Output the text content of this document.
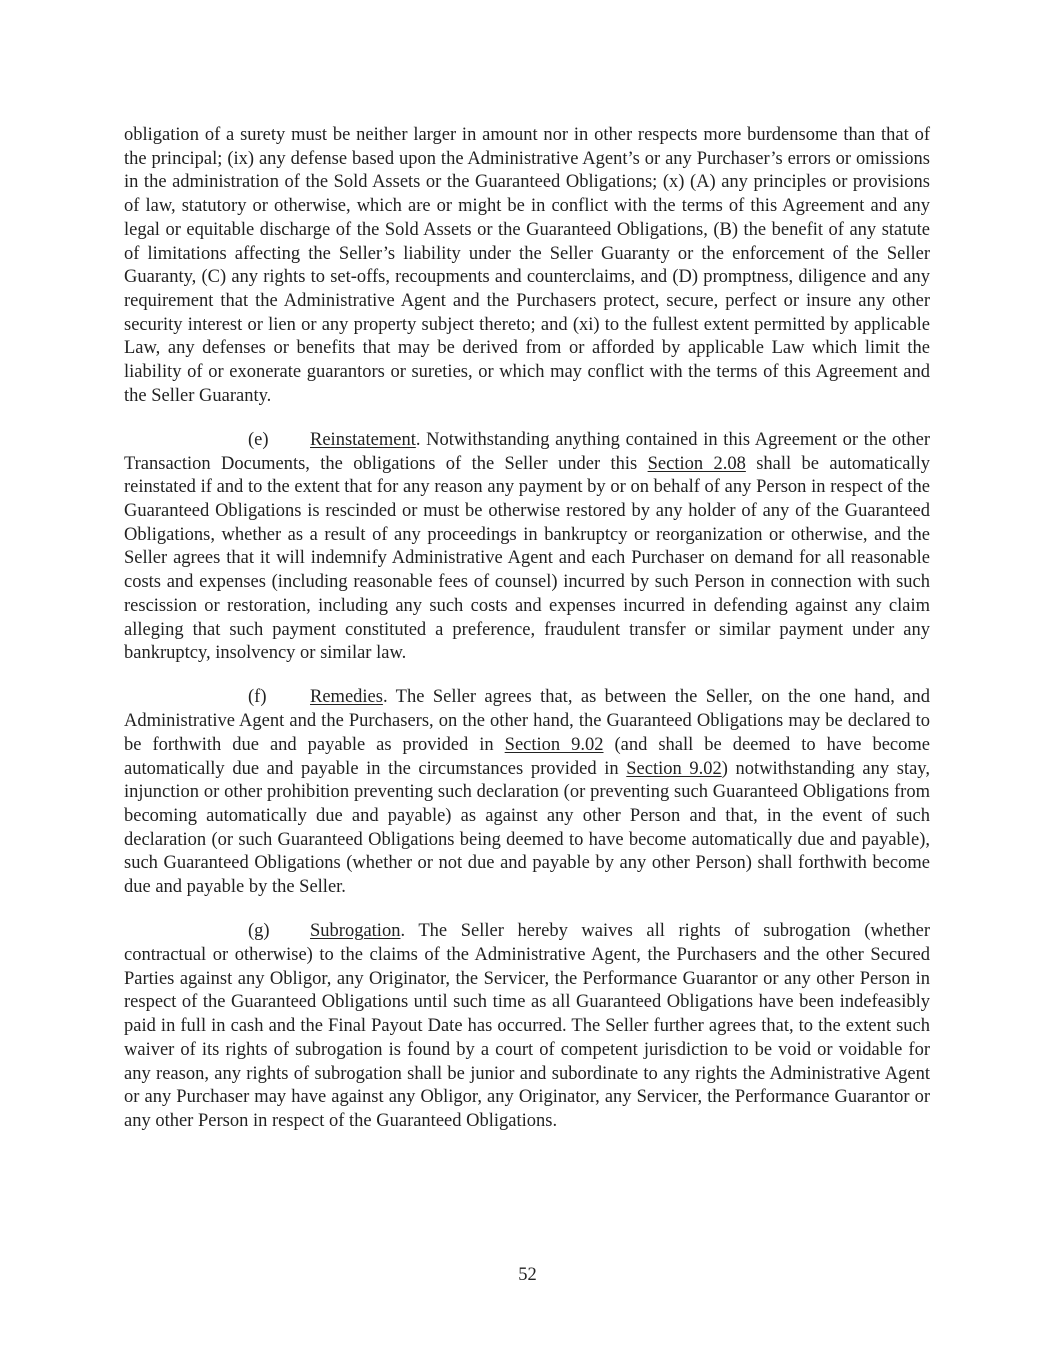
obligation of a surety must be neither larger in amount nor in other respects more burdensome than that of the principal; (ix) any defense based upon the Administrative Agent’s or any Purchaser’s errors or omissions in the administration of the Sold Assets or the Guaranteed Obligations; (x) (A) any principles or provisions of law, statutory or otherwise, which are or might be in conflict with the terms of this Agreement and any legal or equitable discharge of the Sold Assets or the Guaranteed Obligations, (B) the benefit of any statute of limitations affecting the Seller’s liability under the Seller Guaranty or the enforcement of the Seller Guaranty, (C) any rights to set-offs, recoupments and counterclaims, and (D) promptness, diligence and any requirement that the Administrative Agent and the Purchasers protect, secure, perfect or insure any other security interest or lien or any property subject thereto; and (xi) to the fullest extent permitted by applicable Law, any defenses or benefits that may be derived from or afforded by applicable Law which limit the liability of or exonerate guarantors or sureties, or which may conflict with the terms of this Agreement and the Seller Guaranty.

(e) Reinstatement. Notwithstanding anything contained in this Agreement or the other Transaction Documents, the obligations of the Seller under this Section 2.08 shall be automatically reinstated if and to the extent that for any reason any payment by or on behalf of any Person in respect of the Guaranteed Obligations is rescinded or must be otherwise restored by any holder of any of the Guaranteed Obligations, whether as a result of any proceedings in bankruptcy or reorganization or otherwise, and the Seller agrees that it will indemnify Administrative Agent and each Purchaser on demand for all reasonable costs and expenses (including reasonable fees of counsel) incurred by such Person in connection with such rescission or restoration, including any such costs and expenses incurred in defending against any claim alleging that such payment constituted a preference, fraudulent transfer or similar payment under any bankruptcy, insolvency or similar law.

(f) Remedies. The Seller agrees that, as between the Seller, on the one hand, and Administrative Agent and the Purchasers, on the other hand, the Guaranteed Obligations may be declared to be forthwith due and payable as provided in Section 9.02 (and shall be deemed to have become automatically due and payable in the circumstances provided in Section 9.02) notwithstanding any stay, injunction or other prohibition preventing such declaration (or preventing such Guaranteed Obligations from becoming automatically due and payable) as against any other Person and that, in the event of such declaration (or such Guaranteed Obligations being deemed to have become automatically due and payable), such Guaranteed Obligations (whether or not due and payable by any other Person) shall forthwith become due and payable by the Seller.

(g) Subrogation. The Seller hereby waives all rights of subrogation (whether contractual or otherwise) to the claims of the Administrative Agent, the Purchasers and the other Secured Parties against any Obligor, any Originator, the Servicer, the Performance Guarantor or any other Person in respect of the Guaranteed Obligations until such time as all Guaranteed Obligations have been indefeasibly paid in full in cash and the Final Payout Date has occurred. The Seller further agrees that, to the extent such waiver of its rights of subrogation is found by a court of competent jurisdiction to be void or voidable for any reason, any rights of subrogation shall be junior and subordinate to any rights the Administrative Agent or any Purchaser may have against any Obligor, any Originator, any Servicer, the Performance Guarantor or any other Person in respect of the Guaranteed Obligations.

52
